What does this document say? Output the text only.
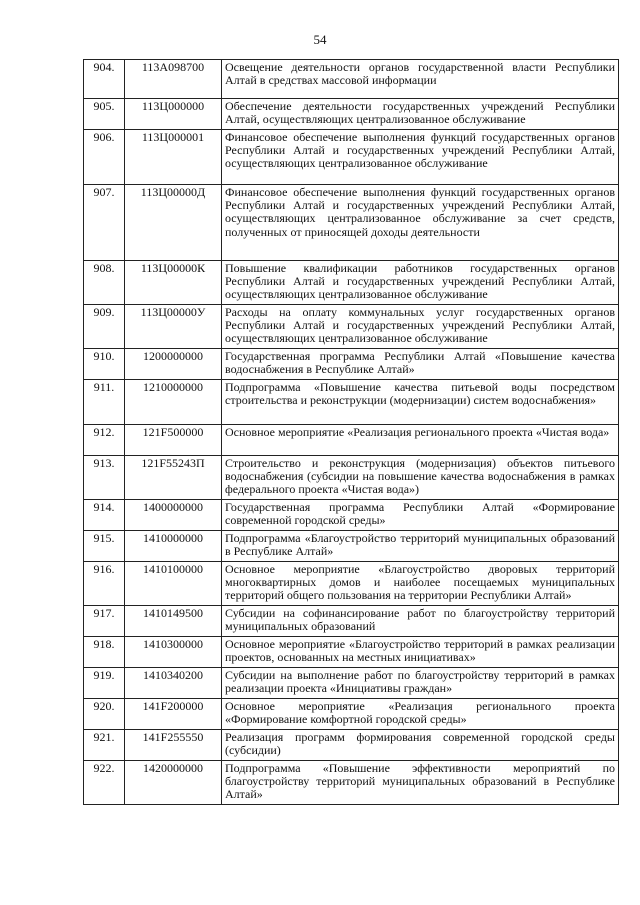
54
904.	113А098700	Освещение деятельности органов государственной власти Республики Алтай в средствах массовой информации
905.	113Ц000000	Обеспечение деятельности государственных учреждений Республики Алтай, осуществляющих централизованное обслуживание
906.	113Ц000001	Финансовое обеспечение выполнения функций государственных органов Республики Алтай и государственных учреждений Республики Алтай, осуществляющих централизованное обслуживание
907.	113Ц00000Д	Финансовое обеспечение выполнения функций государственных органов Республики Алтай и государственных учреждений Республики Алтай, осуществляющих централизованное обслуживание за счет средств, полученных от приносящей доходы деятельности
908.	113Ц00000К	Повышение квалификации работников государственных органов Республики Алтай и государственных учреждений Республики Алтай, осуществляющих централизованное обслуживание
909.	113Ц00000У	Расходы на оплату коммунальных услуг государственных органов Республики Алтай и государственных учреждений Республики Алтай, осуществляющих централизованное обслуживание
910.	1200000000	Государственная программа Республики Алтай «Повышение качества водоснабжения в Республике Алтай»
911.	1210000000	Подпрограмма «Повышение качества питьевой воды посредством строительства и реконструкции (модернизации) систем водоснабжения»
912.	121F500000	Основное мероприятие «Реализация регионального проекта «Чистая вода»
913.	121F55243П	Строительство и реконструкция (модернизация) объектов питьевого водоснабжения (субсидии на повышение качества водоснабжения в рамках федерального проекта «Чистая вода»)
914.	1400000000	Государственная программа Республики Алтай «Формирование современной городской среды»
915.	1410000000	Подпрограмма «Благоустройство территорий муниципальных образований в Республике Алтай»
916.	1410100000	Основное мероприятие «Благоустройство дворовых территорий многоквартирных домов и наиболее посещаемых муниципальных территорий общего пользования на территории Республики Алтай»
917.	1410149500	Субсидии на софинансирование работ по благоустройству территорий муниципальных образований
918.	1410300000	Основное мероприятие «Благоустройство территорий в рамках реализации проектов, основанных на местных инициативах»
919.	1410340200	Субсидии на выполнение работ по благоустройству территорий в рамках реализации проекта «Инициативы граждан»
920.	141F200000	Основное мероприятие «Реализация регионального проекта «Формирование комфортной городской среды»
921.	141F255550	Реализация программ формирования современной городской среды (субсидии)
922.	1420000000	Подпрограмма «Повышение эффективности мероприятий по благоустройству территорий муниципальных образований в Республике Алтай»
